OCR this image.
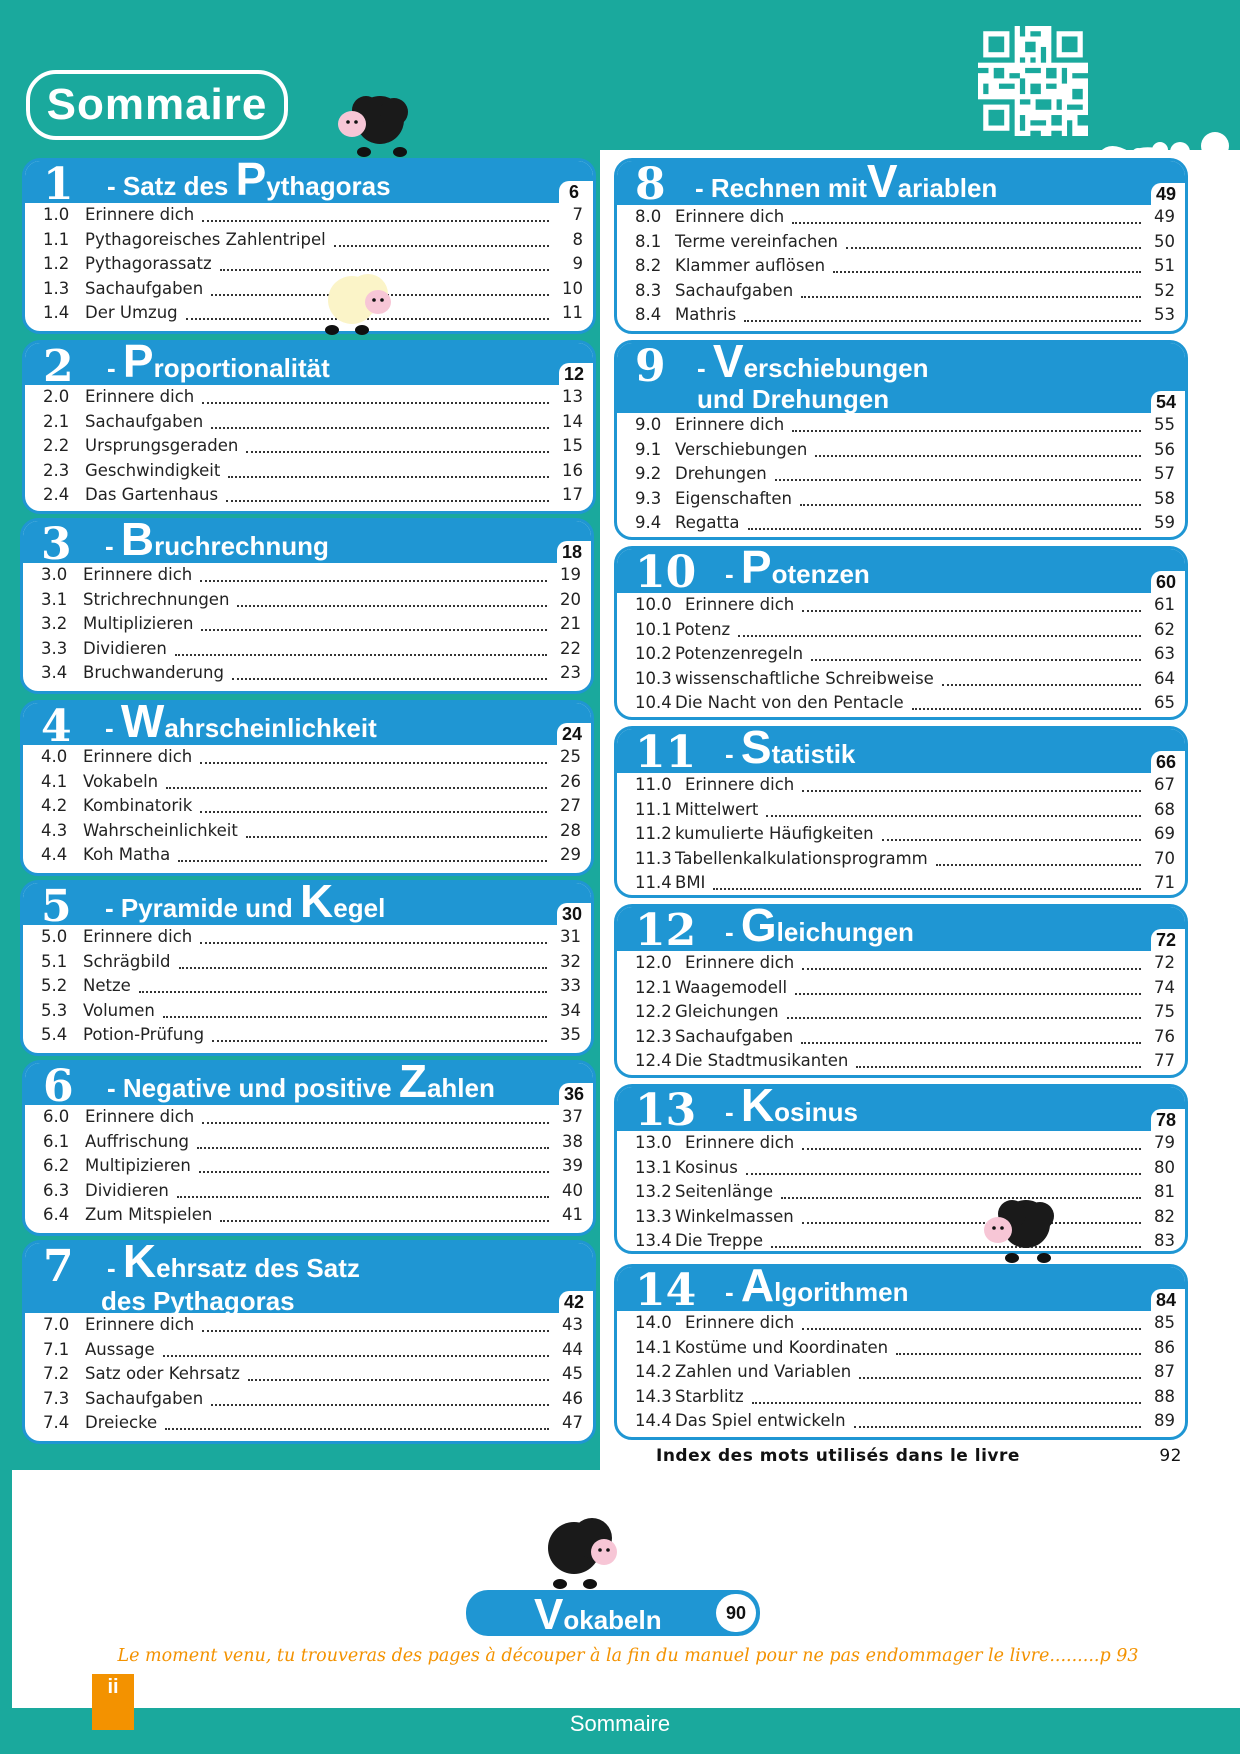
Sommaire
1 - Satz des Pythagoras	6
1.0 Erinnere dich	7
1.1 Pythagoreisches Zahlentripel	8
1.2 Pythagorassatz	9
1.3 Sachaufgaben	10
1.4 Der Umzug	11
2 - Proportionalität	12
2.0 Erinnere dich	13
2.1 Sachaufgaben	14
2.2 Ursprungsgeraden	15
2.3 Geschwindigkeit	16
2.4 Das Gartenhaus	17
3 - Bruchrechnung	18
3.0 Erinnere dich	19
3.1 Strichrechnungen	20
3.2 Multiplizieren	21
3.3 Dividieren	22
3.4 Bruchwanderung	23
4 - Wahrscheinlichkeit	24
4.0 Erinnere dich	25
4.1 Vokabeln	26
4.2 Kombinatorik	27
4.3 Wahrscheinlichkeit	28
4.4 Koh Matha	29
5 - Pyramide und Kegel	30
5.0 Erinnere dich	31
5.1 Schrägbild	32
5.2 Netze	33
5.3 Volumen	34
5.4 Potion-Prüfung	35
6 - Negative und positive Zahlen	36
6.0 Erinnere dich	37
6.1 Auffrischung	38
6.2 Multipizieren	39
6.3 Dividieren	40
6.4 Zum Mitspielen	41
7 - Kehrsatz des Satz
des Pythagoras	42
7.0 Erinnere dich	43
7.1 Aussage	44
7.2 Satz oder Kehrsatz	45
7.3 Sachaufgaben	46
7.4 Dreiecke	47
8 - Rechnen mitVariablen	49
8.0 Erinnere dich	49
8.1 Terme vereinfachen	50
8.2 Klammer auflösen	51
8.3 Sachaufgaben	52
8.4 Mathris	53
9 - Verschiebungen
und Drehungen	54
9.0 Erinnere dich	55
9.1 Verschiebungen	56
9.2 Drehungen	57
9.3 Eigenschaften	58
9.4 Regatta	59
10 - Potenzen	60
10.0 Erinnere dich	61
10.1 Potenz	62
10.2 Potenzenregeln	63
10.3 wissenschaftliche Schreibweise	64
10.4 Die Nacht von den Pentacle	65
11 - Statistik	66
11.0 Erinnere dich	67
11.1 Mittelwert	68
11.2 kumulierte Häufigkeiten	69
11.3 Tabellenkalkulationsprogramm	70
11.4 BMI	71
12 - Gleichungen	72
12.0 Erinnere dich	72
12.1 Waagemodell	74
12.2 Gleichungen	75
12.3 Sachaufgaben	76
12.4 Die Stadtmusikanten	77
13 - Kosinus	78
13.0 Erinnere dich	79
13.1 Kosinus	80
13.2 Seitenlänge	81
13.3 Winkelmassen	82
13.4 Die Treppe	83
14 - Algorithmen	84
14.0 Erinnere dich	85
14.1 Kostüme und Koordinaten	86
14.2 Zahlen und Variablen	87
14.3 Starblitz	88
14.4 Das Spiel entwickeln	89
Index des mots utilisés dans le livre	92
Vokabeln	90
Le moment venu, tu trouveras des pages à découper à la fin du manuel pour ne pas endommager le livre.........p 93
ii
Sommaire
